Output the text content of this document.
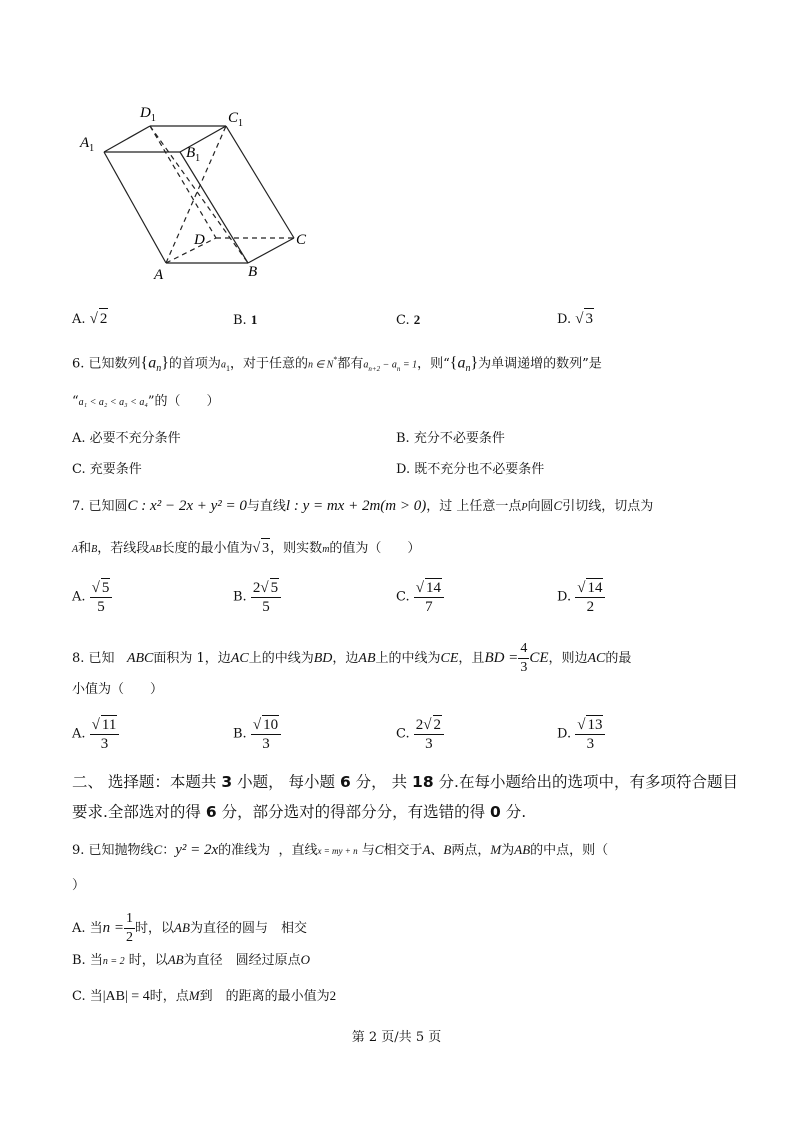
$A_1$
$D_1$	$C_1$
$B_1$
D	C
A	B
A. √ 2	B. 1	C. 2	D. √ 3
6. 已知数列$\{a_n\}$的首项为$a_1$，对于任意的n ∈ N*都有$a_{n+2} - a_n = 1$，则“$\{a_n\}$为单调递增的数列”是
“a₁ < a₂ < a₃ < a₄”的（　　）
A. 必要不充分条件	B. 充分不必要条件
C. 充要条件	D. 既不充分也不必要条件
7. 已知圆C : x² − 2x + y² = 0与直线l : y = mx + 2m(m > 0)，过 上任意一点P向圆C引切线，切点为
A和B，若线段AB长度的最小值为√ 3，则实数m的值为（　　）
A. $\frac{√ 5}{5}$	B. $\frac{2√ 5}{5}$	C. $\frac{√ 14}{7}$	D. $\frac{√ 14}{2}$
8. 已知 ABC面积为 1，边AC上的中线为BD，边AB上的中线为CE，且BD = $\frac{4}{3}$ CE，则边AC的最
小值为（　　）
A. $\frac{√ 11}{3}$	B. $\frac{√ 10}{3}$	C. $\frac{2√ 2}{3}$	D. $\frac{√ 13}{3}$
二、 选择题：本题共 3 小题， 每小题 6 分， 共 18 分.在每小题给出的选项中，有多项符合题目
要求.全部选对的得 6 分，部分选对的得部分分，有选错的得 0 分.
9. 已知抛物线C：y² = 2x的准线为 ，直线x = my + n 与C相交于A、B两点，M为AB的中点，则（
）
A. 当$n = \frac{1}{2}$ 时，以AB为直径的圆与　相交
B. 当n = 2 时，以AB为直径　圆经过原点O
C. 当|AB| = 4时，点M到　的距离的最小值为2
第 2 页/共 5 页
